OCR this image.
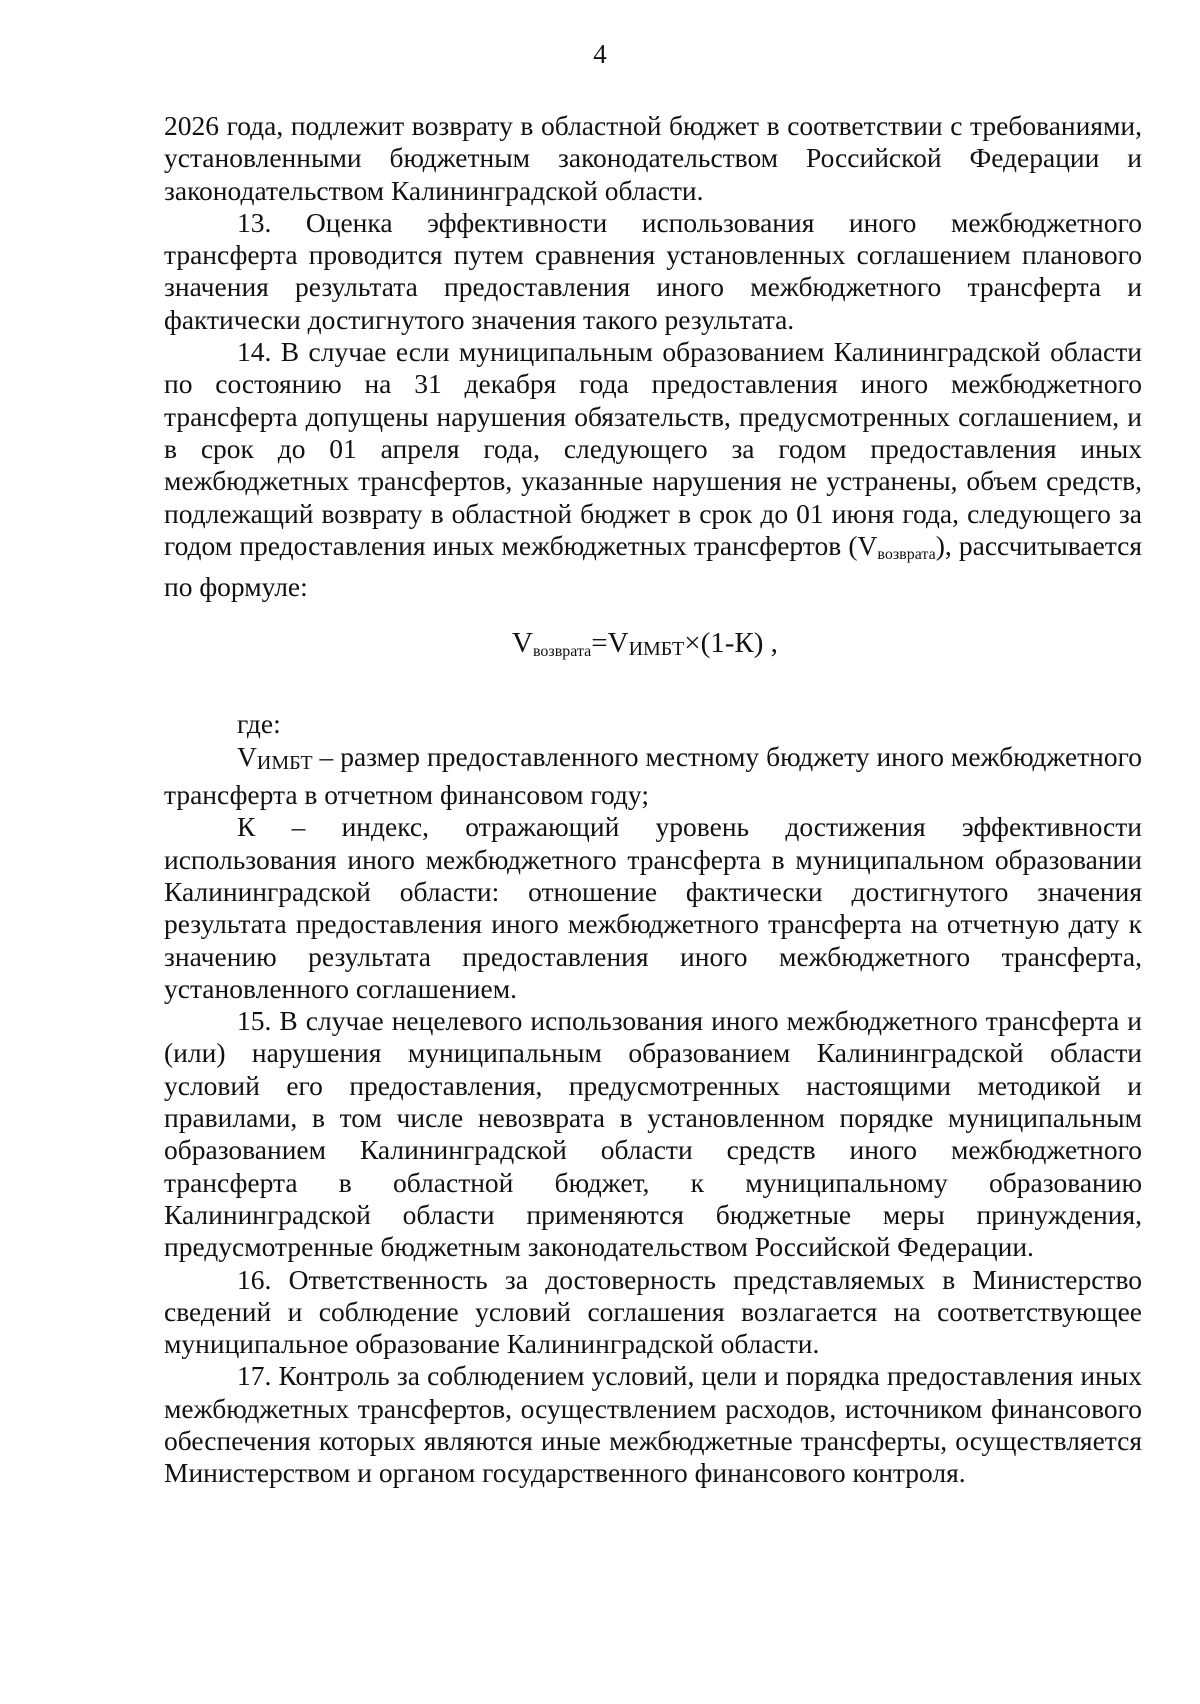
4

2026 года, подлежит возврату в областной бюджет в соответствии с требованиями, установленными бюджетным законодательством Российской Федерации и законодательством Калининградской области.

13. Оценка эффективности использования иного межбюджетного трансферта проводится путем сравнения установленных соглашением планового значения результата предоставления иного межбюджетного трансферта и фактически достигнутого значения такого результата.

14. В случае если муниципальным образованием Калининградской области по состоянию на 31 декабря года предоставления иного межбюджетного трансферта допущены нарушения обязательств, предусмотренных соглашением, и в срок до 01 апреля года, следующего за годом предоставления иных межбюджетных трансфертов, указанные нарушения не устранены, объем средств, подлежащий возврату в областной бюджет в срок до 01 июня года, следующего за годом предоставления иных межбюджетных трансфертов $(V_{возврата})$, рассчитывается по формуле:

$V_{возврата}=VИМБТ\times(1-К)$ ,

где:

VИМБТ – размер предоставленного местному бюджету иного межбюджетного трансферта в отчетном финансовом году;

К – индекс, отражающий уровень достижения эффективности использования иного межбюджетного трансферта в муниципальном образовании Калининградской области: отношение фактически достигнутого значения результата предоставления иного межбюджетного трансферта на отчетную дату к значению результата предоставления иного межбюджетного трансферта, установленного соглашением.

15. В случае нецелевого использования иного межбюджетного трансферта и (или) нарушения муниципальным образованием Калининградской области условий его предоставления, предусмотренных настоящими методикой и правилами, в том числе невозврата в установленном порядке муниципальным образованием Калининградской области средств иного межбюджетного трансферта в областной бюджет, к муниципальному образованию Калининградской области применяются бюджетные меры принуждения, предусмотренные бюджетным законодательством Российской Федерации.

16. Ответственность за достоверность представляемых в Министерство сведений и соблюдение условий соглашения возлагается на соответствующее муниципальное образование Калининградской области.

17. Контроль за соблюдением условий, цели и порядка предоставления иных межбюджетных трансфертов, осуществлением расходов, источником финансового обеспечения которых являются иные межбюджетные трансферты, осуществляется Министерством и органом государственного финансового контроля.
